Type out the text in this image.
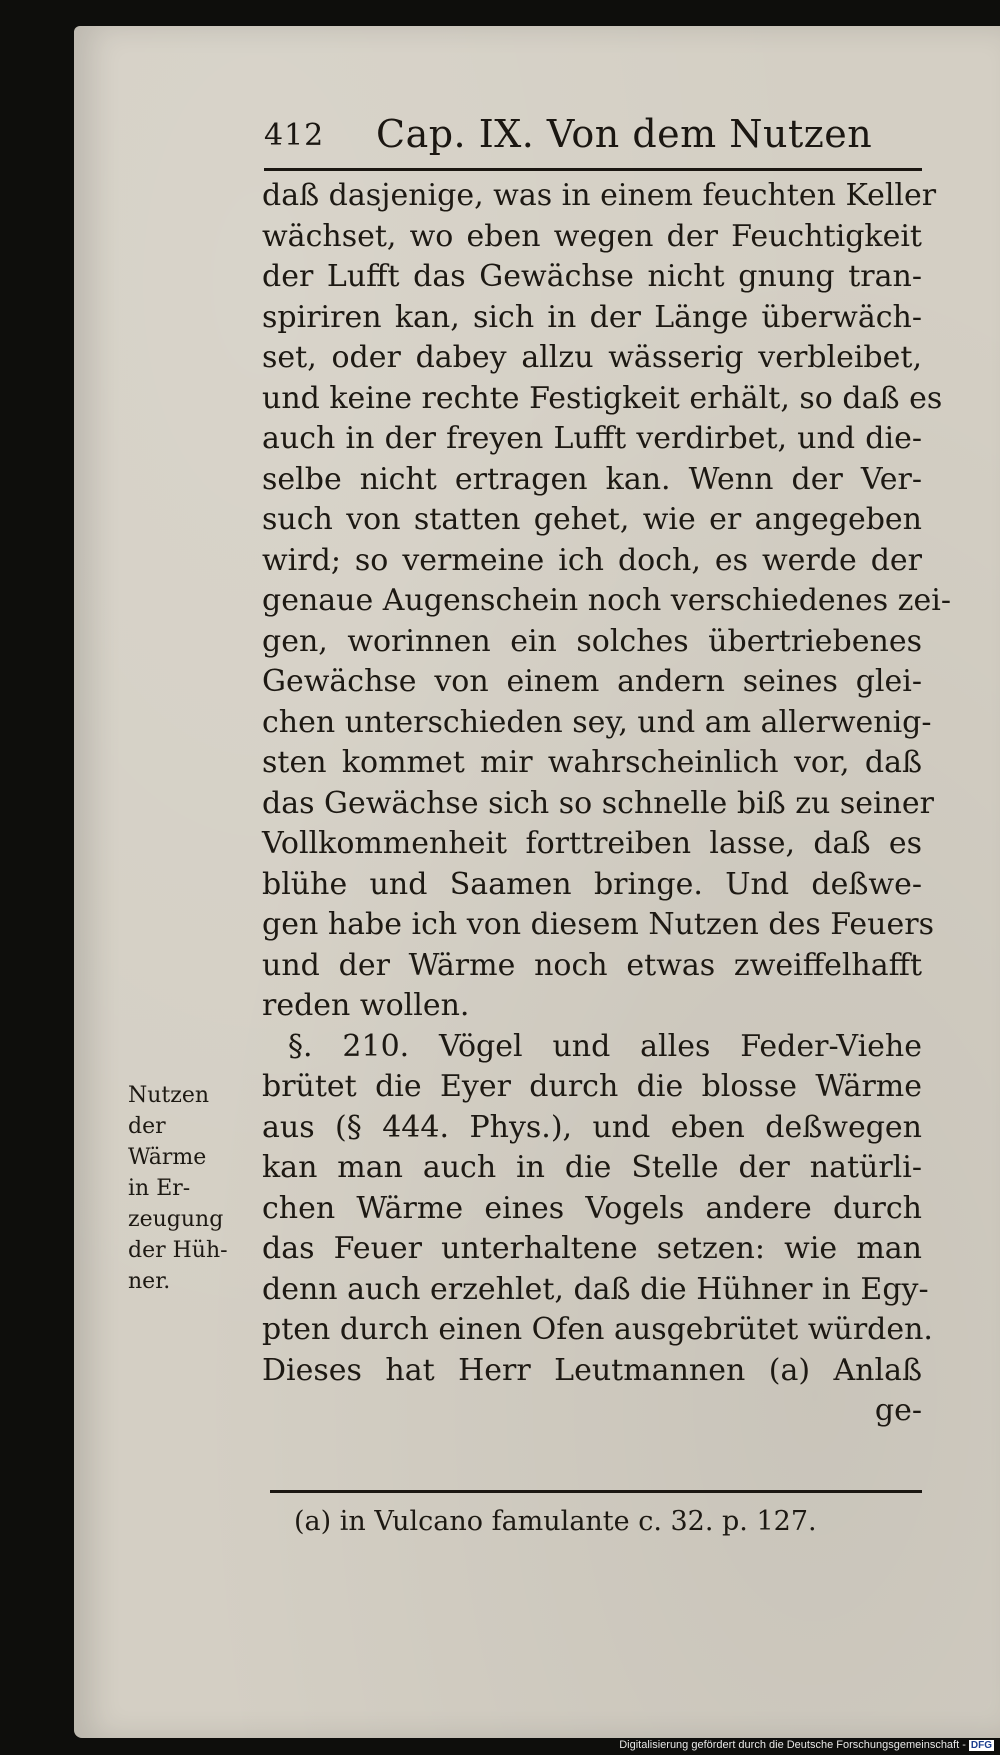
412 Cap. IX. Von dem Nutzen
daß dasjenige, was in einem feuchten Keller
wächset, wo eben wegen der Feuchtigkeit
der Lufft das Gewächse nicht gnung tran-
spiriren kan, sich in der Länge überwäch-
set, oder dabey allzu wässerig verbleibet,
und keine rechte Festigkeit erhält, so daß es
auch in der freyen Lufft verdirbet, und die-
selbe nicht ertragen kan. Wenn der Ver-
such von statten gehet, wie er angegeben
wird; so vermeine ich doch, es werde der
genaue Augenschein noch verschiedenes zei-
gen, worinnen ein solches übertriebenes
Gewächse von einem andern seines glei-
chen unterschieden sey, und am allerwenig-
sten kommet mir wahrscheinlich vor, daß
das Gewächse sich so schnelle biß zu seiner
Vollkommenheit forttreiben lasse, daß es
blühe und Saamen bringe. Und deßwe-
gen habe ich von diesem Nutzen des Feuers
und der Wärme noch etwas zweiffelhafft
reden wollen.
§. 210. Vögel und alles Feder-Viehe
brütet die Eyer durch die blosse Wärme
aus (§ 444. Phys.), und eben deßwegen
kan man auch in die Stelle der natürli-
chen Wärme eines Vogels andere durch
das Feuer unterhaltene setzen: wie man
denn auch erzehlet, daß die Hühner in Egy-
pten durch einen Ofen ausgebrütet würden.
Dieses hat Herr Leutmannen (a) Anlaß
ge-
Nutzen
der
Wärme
in Er-
zeugung
der Hüh-
ner.
(a) in Vulcano famulante c. 32. p. 127.
Digitalisierung gefördert durch die Deutsche Forschungsgemeinschaft - DFG
